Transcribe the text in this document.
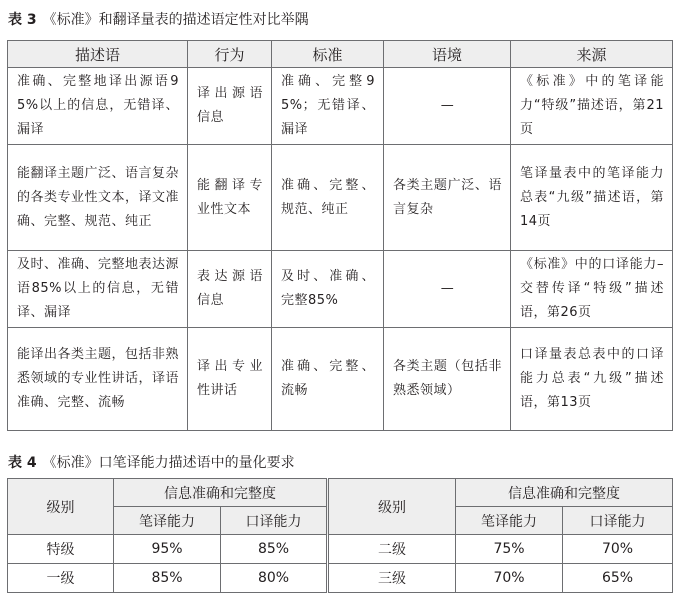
表 3 《标准》和翻译量表的描述语定性对比举隅
描述语	行为	标准	语境	来源
准确、完整地译出源语95%以上的信息，无错译、漏译	译出源语信息	准确、完整95%；无错译、漏译	—	《标准》中的笔译能力“特级”描述语，第21页
能翻译主题广泛、语言复杂的各类专业性文本，译文准确、完整、规范、纯正	能翻译专业性文本	准确、完整、规范、纯正	各类主题广泛、语言复杂	笔译量表中的笔译能力总表“九级”描述语，第14页
及时、准确、完整地表达源语85%以上的信息，无错译、漏译	表达源语信息	及时、准确、完整85%	—	《标准》中的口译能力–交替传译“特级”描述语，第26页
能译出各类主题，包括非熟悉领域的专业性讲话，译语准确、完整、流畅	译出专业性讲话	准确、完整、流畅	各类主题（包括非熟悉领域）	口译量表总表中的口译能力总表“九级”描述语，第13页
表 4 《标准》口笔译能力描述语中的量化要求
级别	信息准确和完整度		级别	信息准确和完整度	
	笔译能力	口译能力		笔译能力	口译能力
特级	95%	85%	二级	75%	70%
一级	85%	80%	三级	70%	65%
